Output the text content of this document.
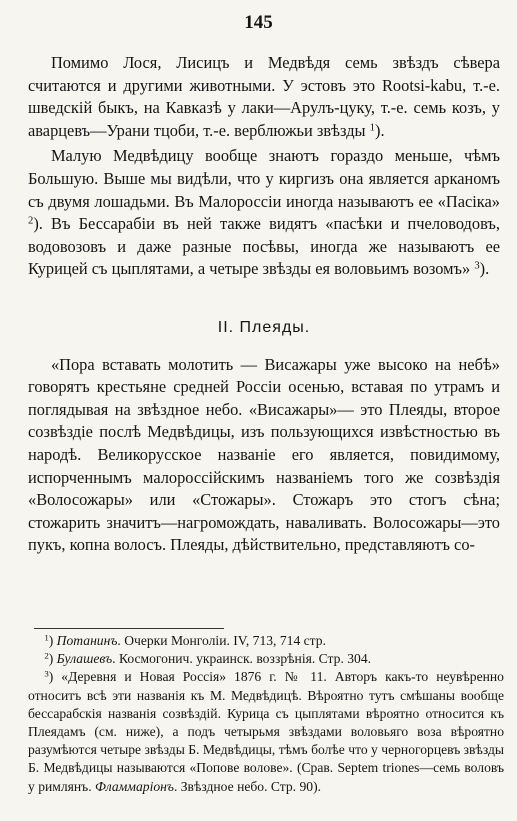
145

Помимо Лося, Лисицъ и Медвѣдя семь звѣздъ сѣвера считаются и другими животными. У эстовъ это Rootsi-kabu, т.-е. шведскій быкъ, на Кавказѣ у лаки—Арулъ-цуку, т.-е. семь козъ, у аварцевъ—Урани тцоби, т.-е. верблюжьи звѣзды $^1$).

Малую Медвѣдицу вообще знаютъ гораздо меньше, чѣмъ Большую. Выше мы видѣли, что у киргизъ она является арканомъ съ двумя лошадьми. Въ Малороссіи иногда называютъ ее «Пасіка» $^2$). Въ Бессарабіи въ ней также видятъ «пасѣки и пчеловодовъ, водовозовъ и даже разные посѣвы, иногда же называютъ ее Курицей съ цыплятами, а четыре звѣзды ея воловьимъ возомъ» $^3$).

II. Плеяды.

«Пора вставать молотить — Висажары уже высоко на небѣ» говорятъ крестьяне средней Россіи осенью, вставая по утрамъ и поглядывая на звѣздное небо. «Висажары»— это Плеяды, второе созвѣздіе послѣ Медвѣдицы, изъ пользующихся извѣстностью въ народѣ. Великорусское названіе его является, повидимому, испорченнымъ малороссійскимъ названіемъ того же созвѣздія «Волосожары» или «Стожары». Стожаръ это стогъ сѣна; стожарить значитъ—нагромождать, наваливать. Волосожары—это пукъ, копна волосъ. Плеяды, дѣйствительно, представляютъ со-

$^1$) Потанинъ. Очерки Монголіи. IV, 713, 714 стр.
$^2$) Булашевъ. Космогонич. украинск. воззрѣнія. Стр. 304.
$^3$) «Деревня и Новая Россія» 1876 г. № 11. Авторъ какъ-то неувѣренно относитъ всѣ эти названія къ М. Медвѣдицѣ. Вѣроятно тутъ смѣшаны вообще бессарабскія названія созвѣздій. Курица съ цыплятами вѣроятно относится къ Плеядамъ (см. ниже), а подъ четырьмя звѣздами воловьяго воза вѣроятно разумѣются четыре звѣзды Б. Медвѣдицы, тѣмъ болѣе что у черногорцевъ звѣзды Б. Медвѣдицы называются «Попове волове». (Срав. Septem triones—семь воловъ у римлянъ. Фламмаріонъ. Звѣздное небо. Стр. 90).
